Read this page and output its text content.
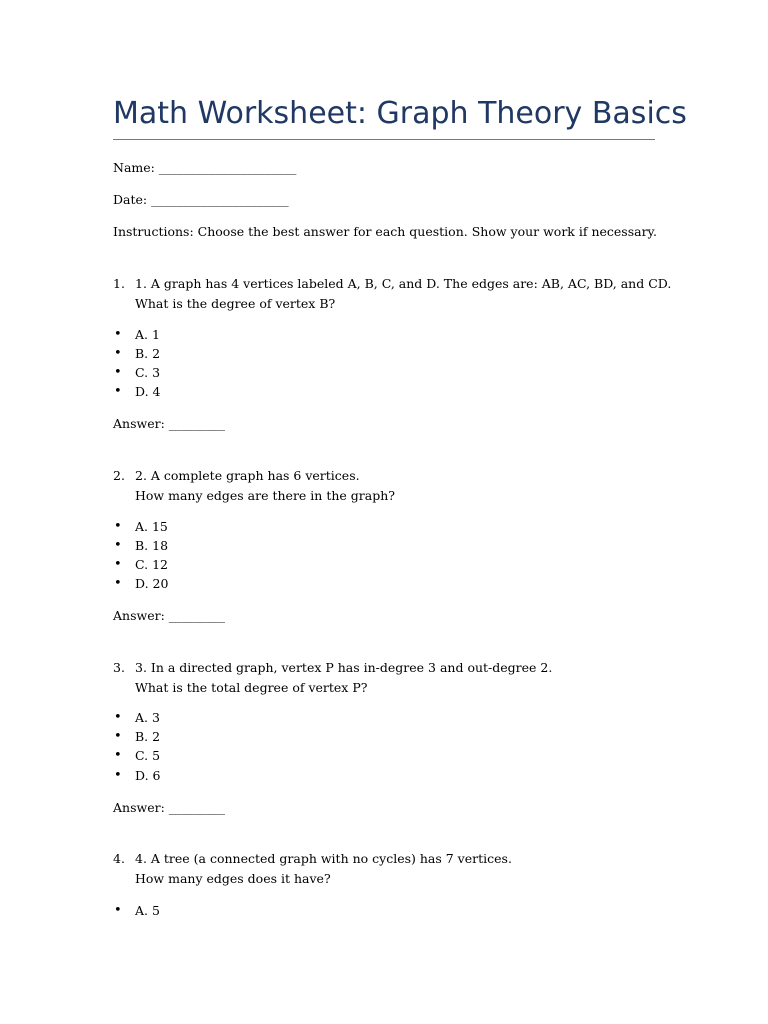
Math Worksheet: Graph Theory Basics
Name: ______________________
Date: ______________________
Instructions: Choose the best answer for each question. Show your work if necessary.
1. 1. A graph has 4 vertices labeled A, B, C, and D. The edges are: AB, AC, BD, and CD.
What is the degree of vertex B?
• A. 1
• B. 2
• C. 3
• D. 4
Answer: _________
2. 2. A complete graph has 6 vertices.
How many edges are there in the graph?
• A. 15
• B. 18
• C. 12
• D. 20
Answer: _________
3. 3. In a directed graph, vertex P has in-degree 3 and out-degree 2.
What is the total degree of vertex P?
• A. 3
• B. 2
• C. 5
• D. 6
Answer: _________
4. 4. A tree (a connected graph with no cycles) has 7 vertices.
How many edges does it have?
• A. 5
